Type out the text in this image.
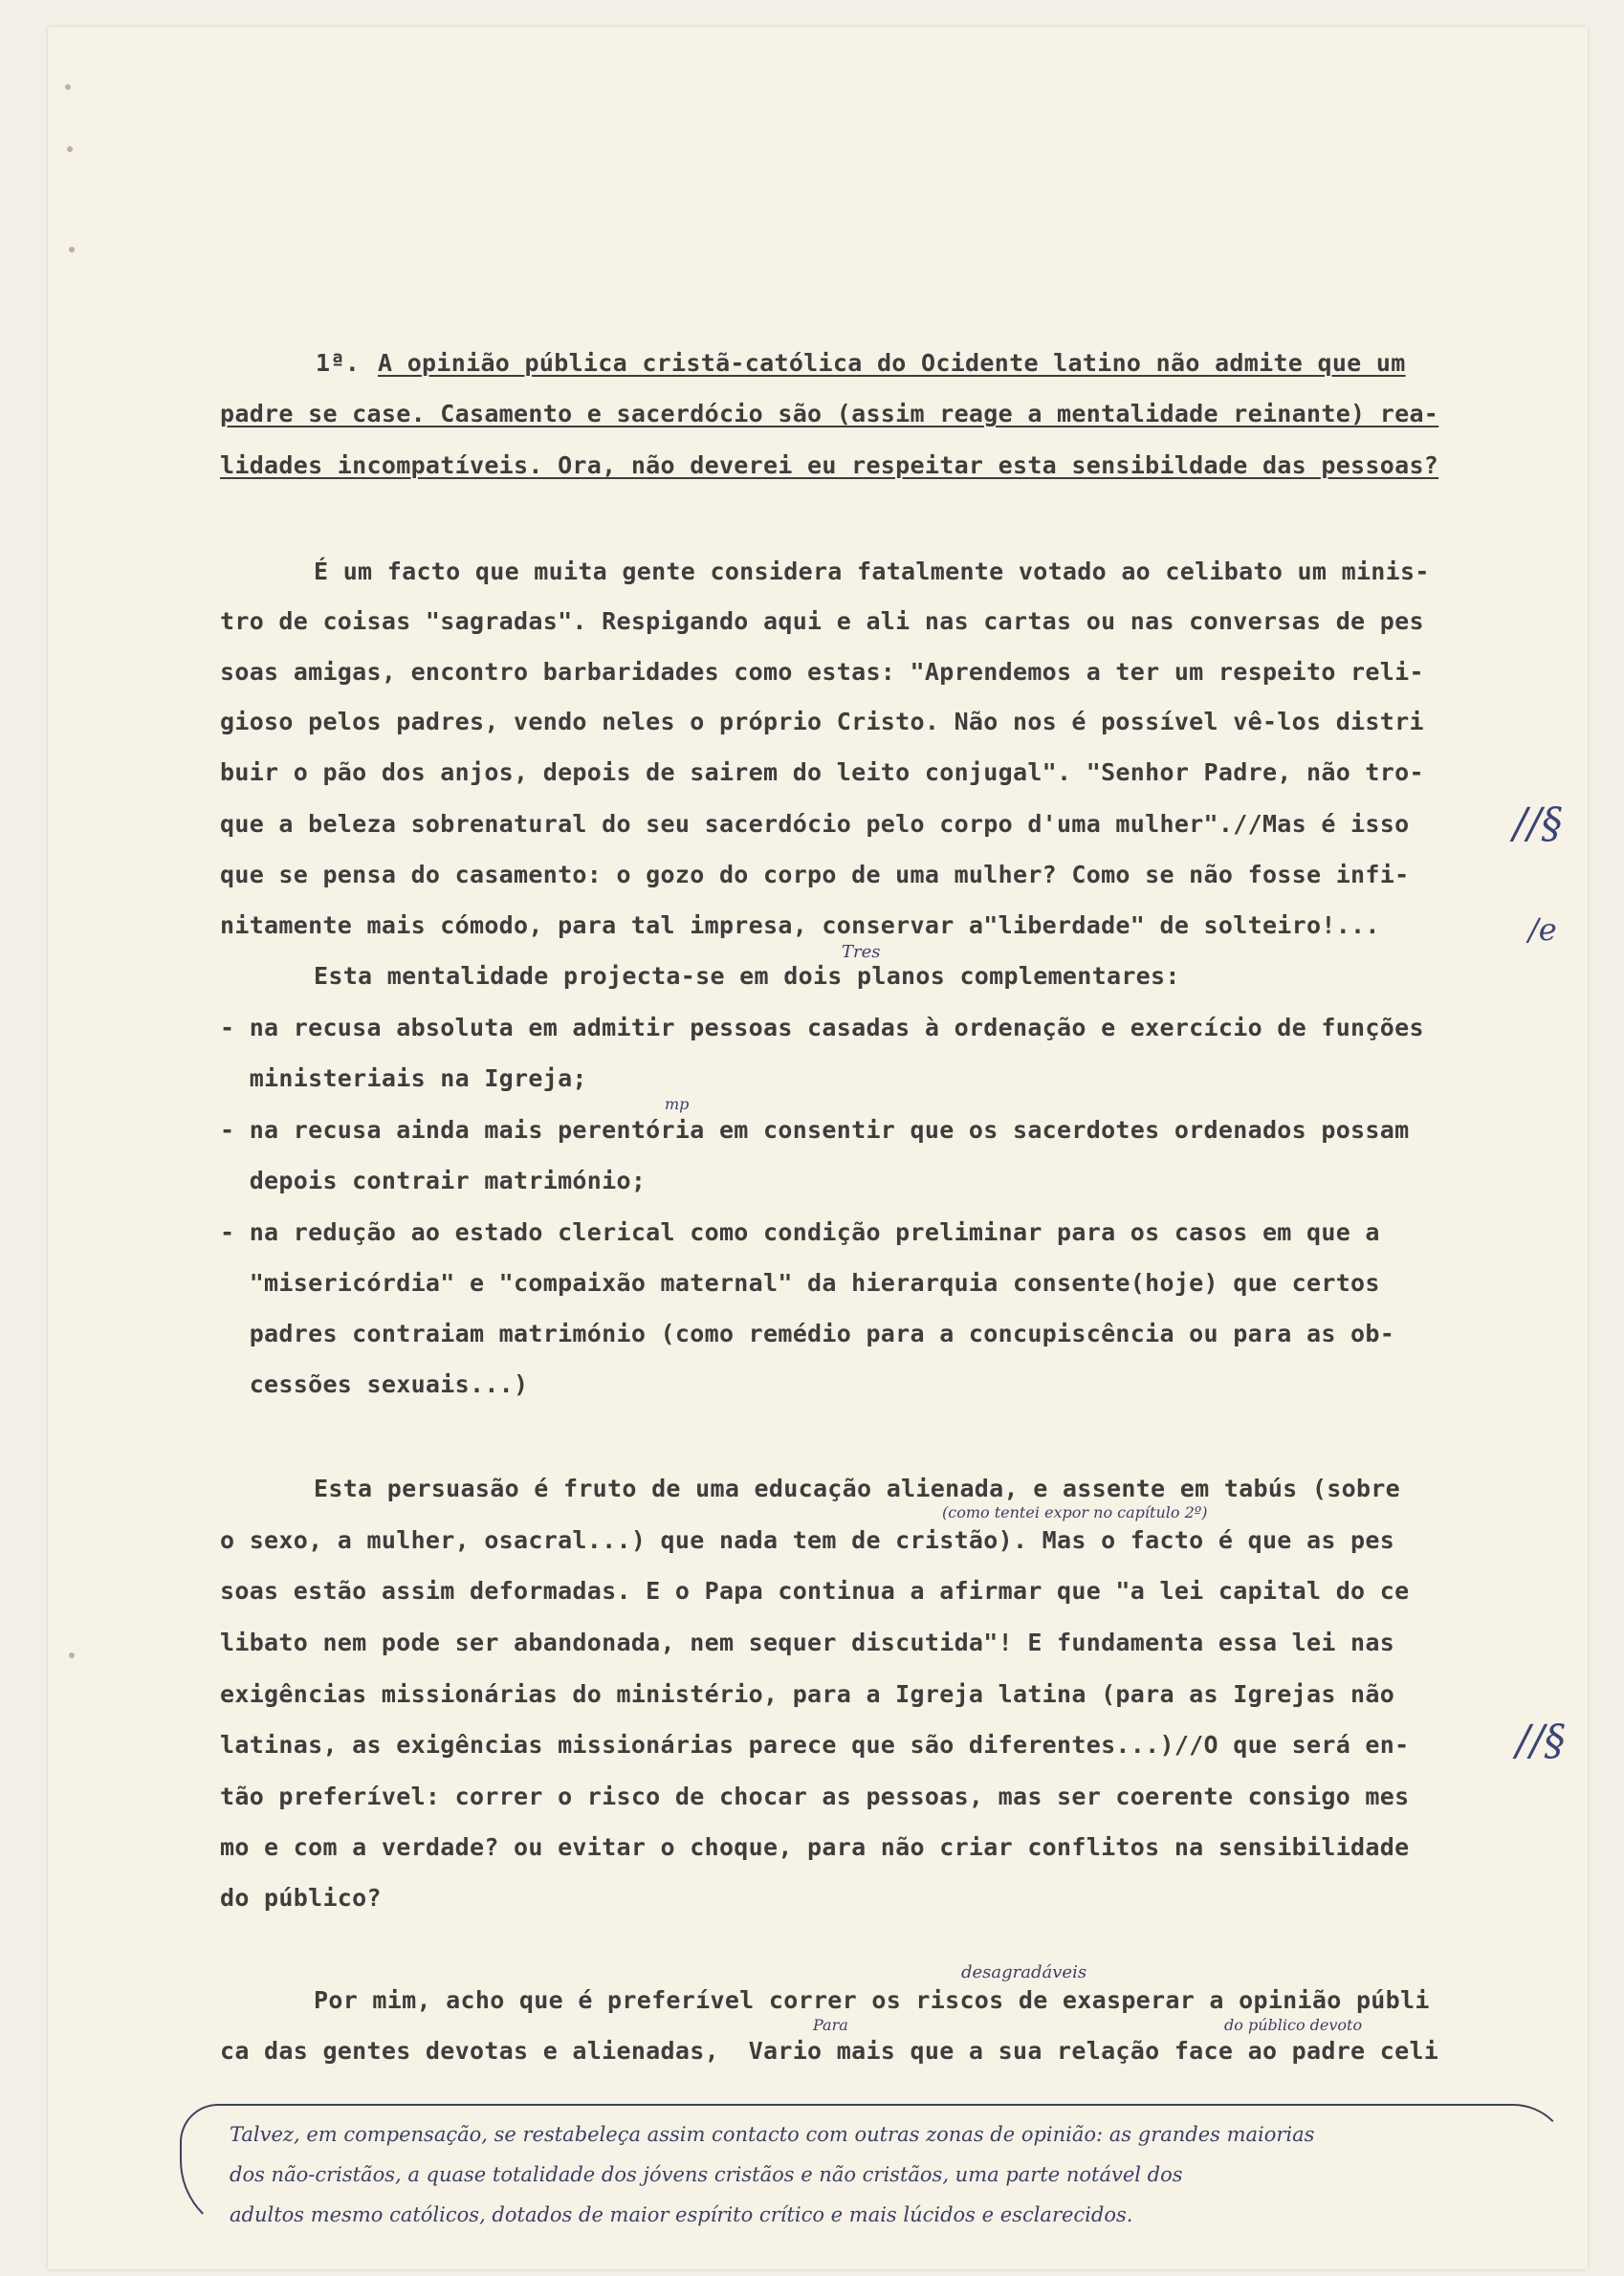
1ª. A opinião pública cristã-católica do Ocidente latino não admite que um
padre se case. Casamento e sacerdócio são (assim reage a mentalidade reinante) rea-
lidades incompatíveis. Ora, não deverei eu respeitar esta sensibildade das pessoas?
É um facto que muita gente considera fatalmente votado ao celibato um minis-
tro de coisas "sagradas". Respigando aqui e ali nas cartas ou nas conversas de pes
soas amigas, encontro barbaridades como estas: "Aprendemos a ter um respeito reli-
gioso pelos padres, vendo neles o próprio Cristo. Não nos é possível vê-los distri
buir o pão dos anjos, depois de sairem do leito conjugal". "Senhor Padre, não tro-
que a beleza sobrenatural do seu sacerdócio pelo corpo d'uma mulher".//Mas é isso
que se pensa do casamento: o gozo do corpo de uma mulher? Como se não fosse infi-
nitamente mais cómodo, para tal impresa, conservar a"liberdade" de solteiro!...
Esta mentalidade projecta-se em dois planos complementares:
- na recusa absoluta em admitir pessoas casadas à ordenação e exercício de funções
ministeriais na Igreja;
- na recusa ainda mais perentória em consentir que os sacerdotes ordenados possam
depois contrair matrimónio;
- na redução ao estado clerical como condição preliminar para os casos em que a
"misericórdia" e "compaixão maternal" da hierarquia consente(hoje) que certos
padres contraiam matrimónio (como remédio para a concupiscência ou para as ob-
cessões sexuais...)
Esta persuasão é fruto de uma educação alienada, e assente em tabús (sobre
o sexo, a mulher, osacral...) que nada tem de cristão). Mas o facto é que as pes
soas estão assim deformadas. E o Papa continua a afirmar que "a lei capital do ce
libato nem pode ser abandonada, nem sequer discutida"! E fundamenta essa lei nas
exigências missionárias do ministério, para a Igreja latina (para as Igrejas não
latinas, as exigências missionárias parece que são diferentes...)//O que será en-
tão preferível: correr o risco de chocar as pessoas, mas ser coerente consigo mes
mo e com a verdade? ou evitar o choque, para não criar conflitos na sensibilidade
do público?
Por mim, acho que é preferível correr os riscos de exasperar a opinião públi
ca das gentes devotas e alienadas,  Vario mais que a sua relação face ao padre celi
//§
/e
//§
Tres
mp
(como tentei expor no capítulo 2º)
desagradáveis
Para	do público devoto
Talvez, em compensação, se restabeleça assim contacto com outras zonas de opinião: as grandes maiorias
dos não-cristãos, a quase totalidade dos jóvens cristãos e não cristãos, uma parte notável dos
adultos mesmo católicos, dotados de maior espírito crítico e mais lúcidos e esclarecidos.
